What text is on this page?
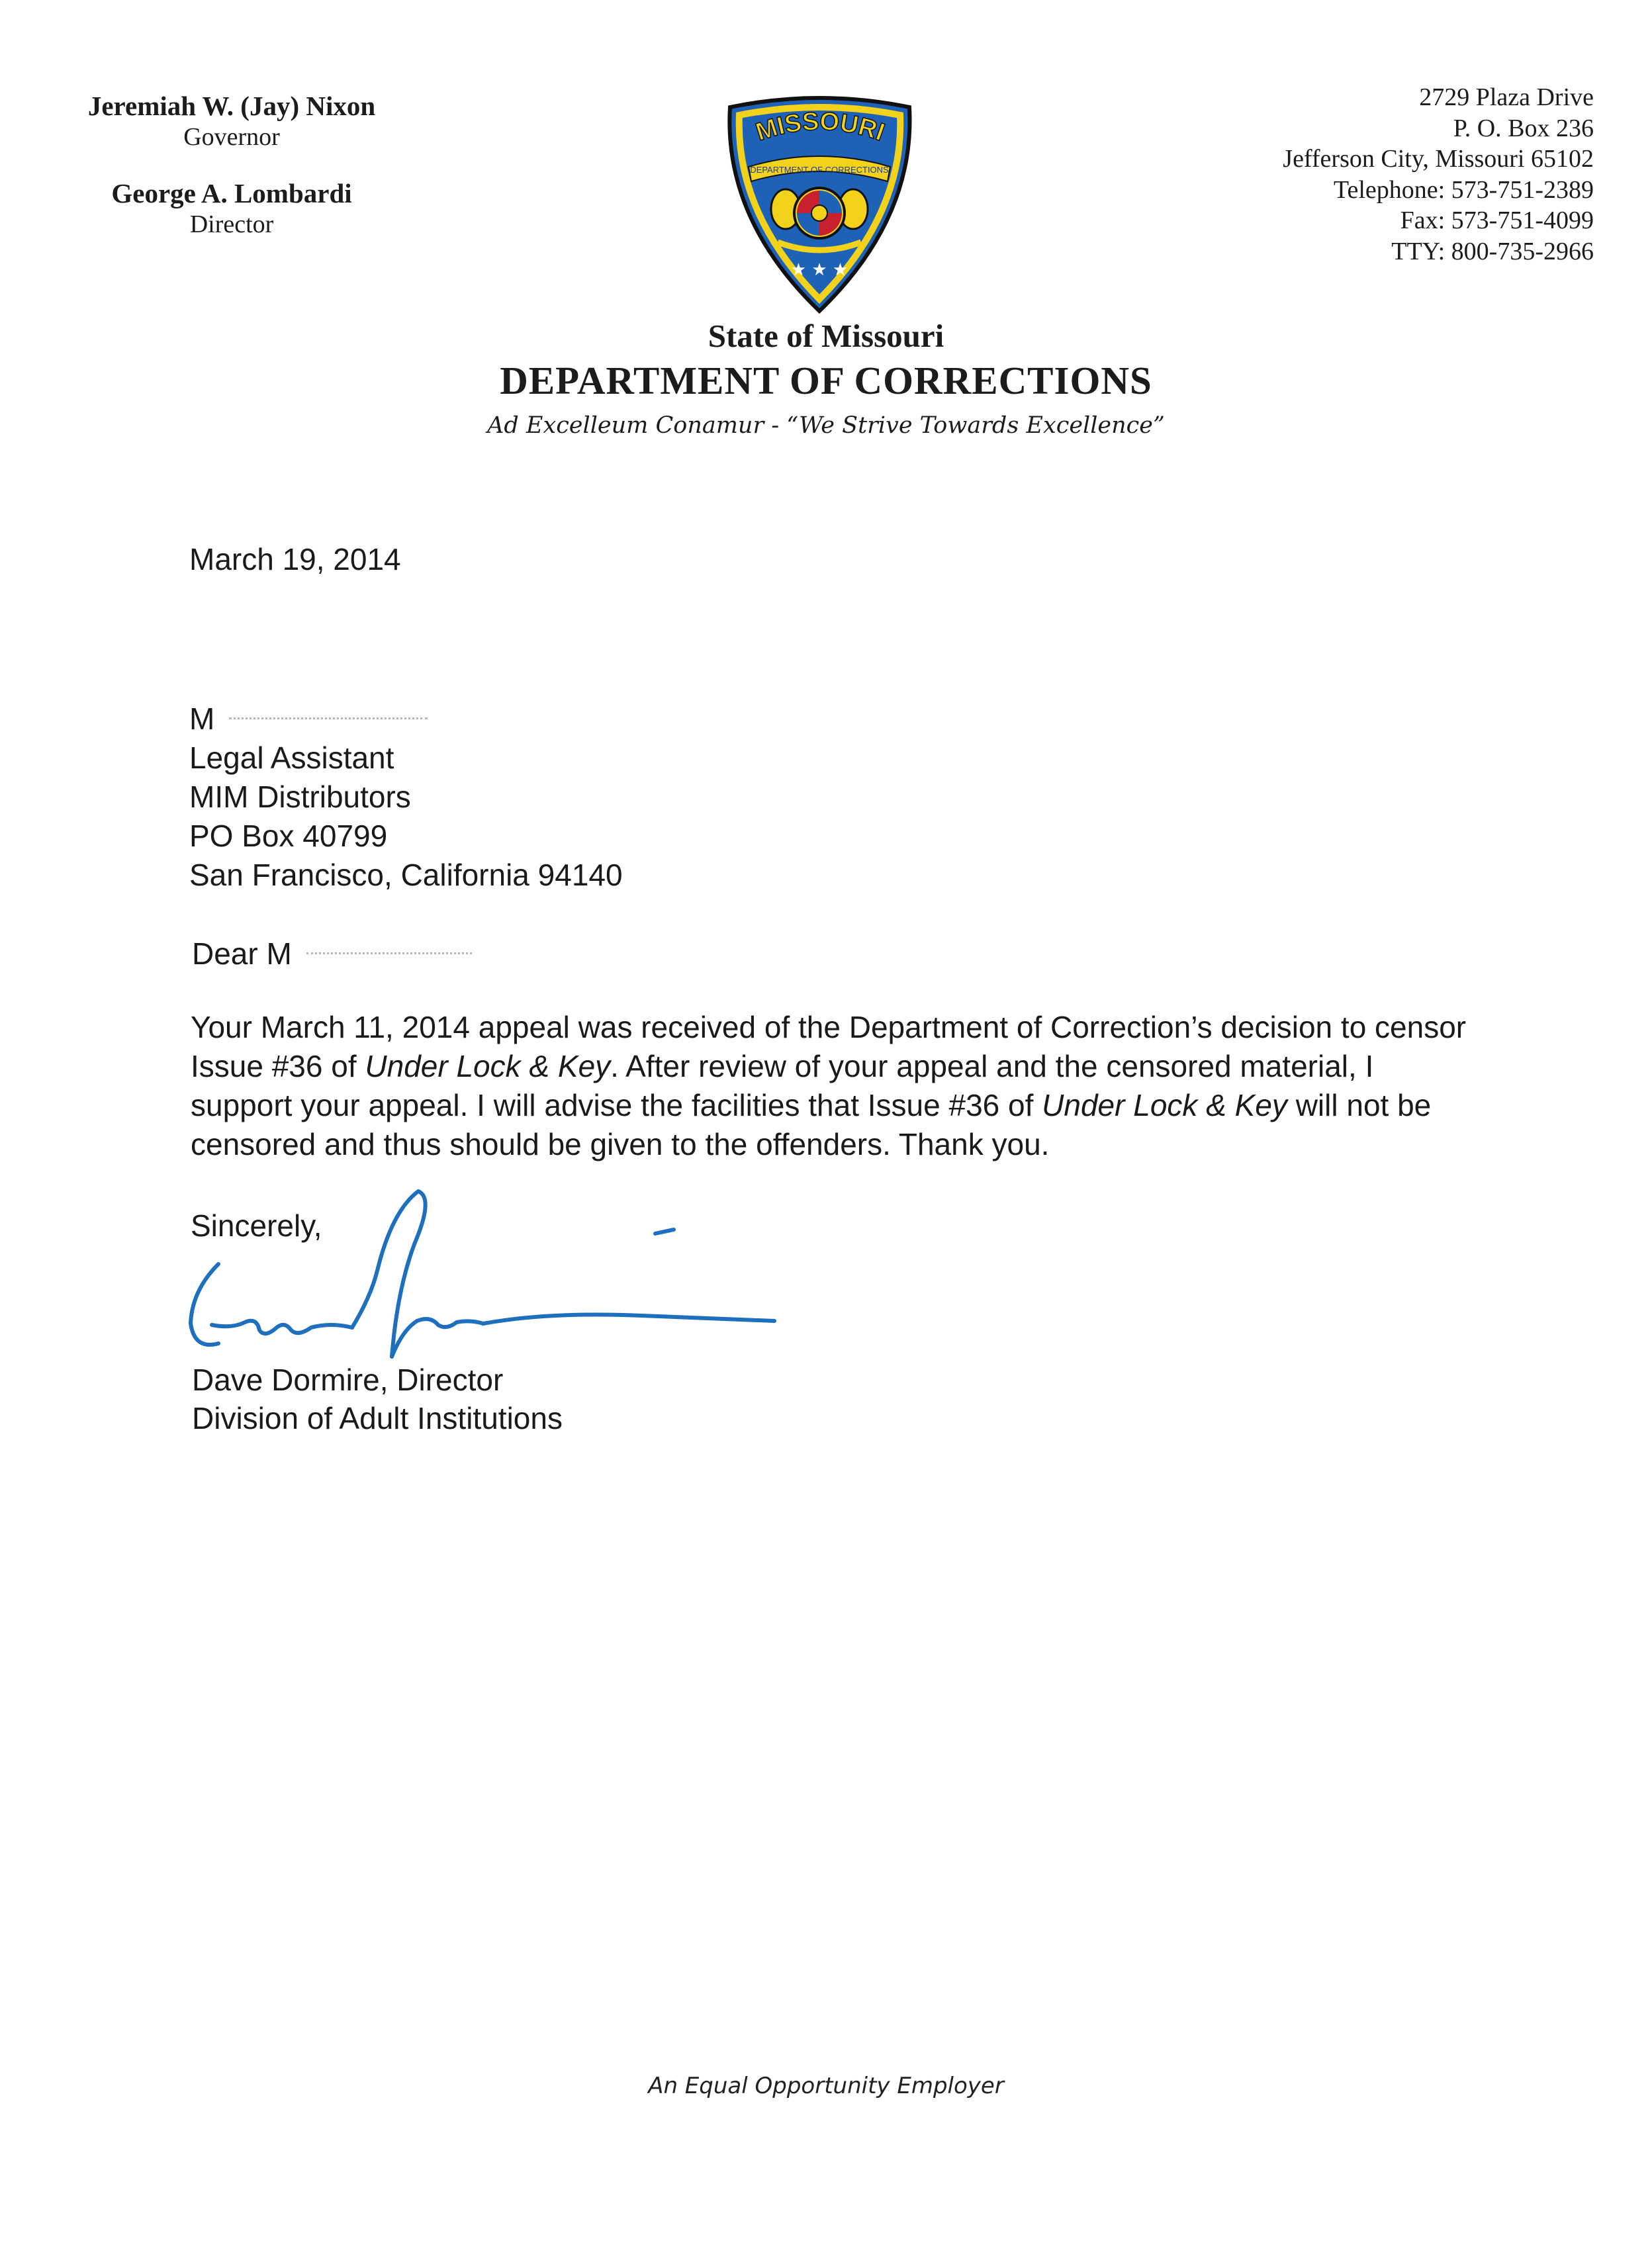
Jeremiah W. (Jay) Nixon
Governor
George A. Lombardi
Director
MISSOURI
DEPARTMENT OF CORRECTIONS
★ ★ ★
2729 Plaza Drive
P. O. Box 236
Jefferson City, Missouri 65102
Telephone: 573-751-2389
Fax: 573-751-4099
TTY: 800-735-2966
State of Missouri
DEPARTMENT OF CORRECTIONS
Ad Excelleum Conamur - “We Strive Towards Excellence”
March 19, 2014
M
Legal Assistant
MIM Distributors
PO Box 40799
San Francisco, California 94140
Dear M
Your March 11, 2014 appeal was received of the Department of Correction’s decision to censor Issue #36 of Under Lock & Key. After review of your appeal and the censored material, I support your appeal. I will advise the facilities that Issue #36 of Under Lock & Key will not be censored and thus should be given to the offenders. Thank you.
Sincerely,
Dave Dormire, Director
Division of Adult Institutions
An Equal Opportunity Employer
